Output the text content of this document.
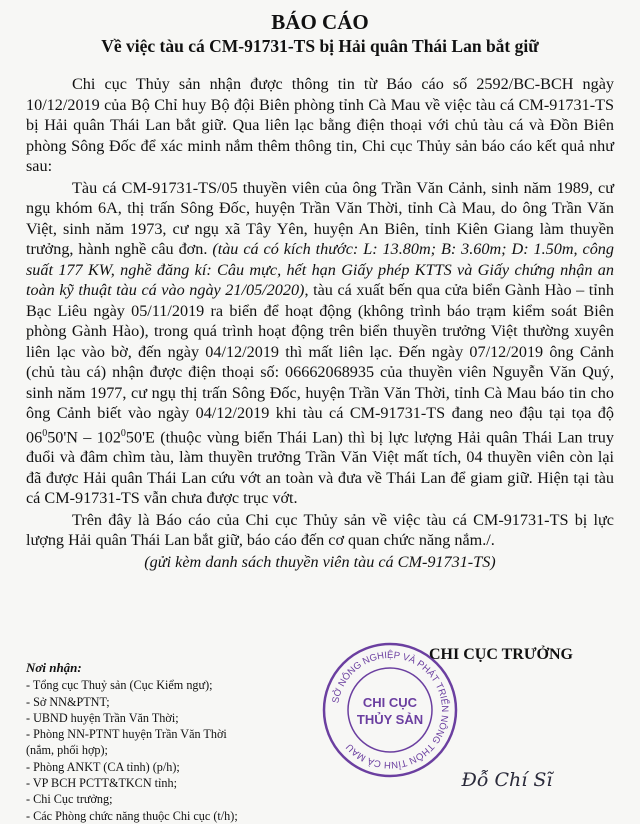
BÁO CÁO
Về việc tàu cá CM-91731-TS bị Hải quân Thái Lan bắt giữ

Chi cục Thủy sản nhận được thông tin từ Báo cáo số 2592/BC-BCH ngày 10/12/2019 của Bộ Chỉ huy Bộ đội Biên phòng tỉnh Cà Mau về việc tàu cá CM-91731-TS bị Hải quân Thái Lan bắt giữ. Qua liên lạc bằng điện thoại với chủ tàu cá và Đồn Biên phòng Sông Đốc để xác minh nắm thêm thông tin, Chi cục Thủy sản báo cáo kết quả như sau:

Tàu cá CM-91731-TS/05 thuyền viên của ông Trần Văn Cảnh, sinh năm 1989, cư ngụ khóm 6A, thị trấn Sông Đốc, huyện Trần Văn Thời, tỉnh Cà Mau, do ông Trần Văn Việt, sinh năm 1973, cư ngụ xã Tây Yên, huyện An Biên, tỉnh Kiên Giang làm thuyền trưởng, hành nghề câu đơn. (tàu cá có kích thước: L: 13.80m; B: 3.60m; D: 1.50m, công suất 177 KW, nghề đăng kí: Câu mực, hết hạn Giấy phép KTTS và Giấy chứng nhận an toàn kỹ thuật tàu cá vào ngày 21/05/2020), tàu cá xuất bến qua cửa biển Gành Hào – tỉnh Bạc Liêu ngày 05/11/2019 ra biển để hoạt động (không trình báo trạm kiểm soát Biên phòng Gành Hào), trong quá trình hoạt động trên biển thuyền trưởng Việt thường xuyên liên lạc vào bờ, đến ngày 04/12/2019 thì mất liên lạc. Đến ngày 07/12/2019 ông Cảnh (chủ tàu cá) nhận được điện thoại số: 06662068935 của thuyền viên Nguyễn Văn Quý, sinh năm 1977, cư ngụ thị trấn Sông Đốc, huyện Trần Văn Thời, tỉnh Cà Mau báo tin cho ông Cảnh biết vào ngày 04/12/2019 khi tàu cá CM-91731-TS đang neo đậu tại tọa độ $06^050'N - 102^050'E$ (thuộc vùng biển Thái Lan) thì bị lực lượng Hải quân Thái Lan truy đuổi và đâm chìm tàu, làm thuyền trưởng Trần Văn Việt mất tích, 04 thuyền viên còn lại đã được Hải quân Thái Lan cứu vớt an toàn và đưa về Thái Lan để giam giữ. Hiện tại tàu cá CM-91731-TS vẫn chưa được trục vớt.

Trên đây là Báo cáo của Chi cục Thủy sản về việc tàu cá CM-91731-TS bị lực lượng Hải quân Thái Lan bắt giữ, báo cáo đến cơ quan chức năng nắm./.

(gửi kèm danh sách thuyền viên tàu cá CM-91731-TS)

Nơi nhận:
- Tổng cục Thuỷ sản (Cục Kiểm ngư);
- Sở NN&PTNT;
- UBND huyện Trần Văn Thời;
- Phòng NN-PTNT huyện Trần Văn Thời
(nắm, phối hợp);
- Phòng ANKT (CA tỉnh) (p/h);
- VP BCH PCTT&TKCN tỉnh;
- Chi Cục trưởng;
- Các Phòng chức năng thuộc Chi cục (t/h);
SỞ NÔNG NGHIỆP VÀ PHÁT TRIỂN NÔNG THÔN TỈNH CÀ MAU
CHI CỤC
THỦY SẢN
CHI CỤC TRƯỞNG
Đỗ Chí Sĩ
